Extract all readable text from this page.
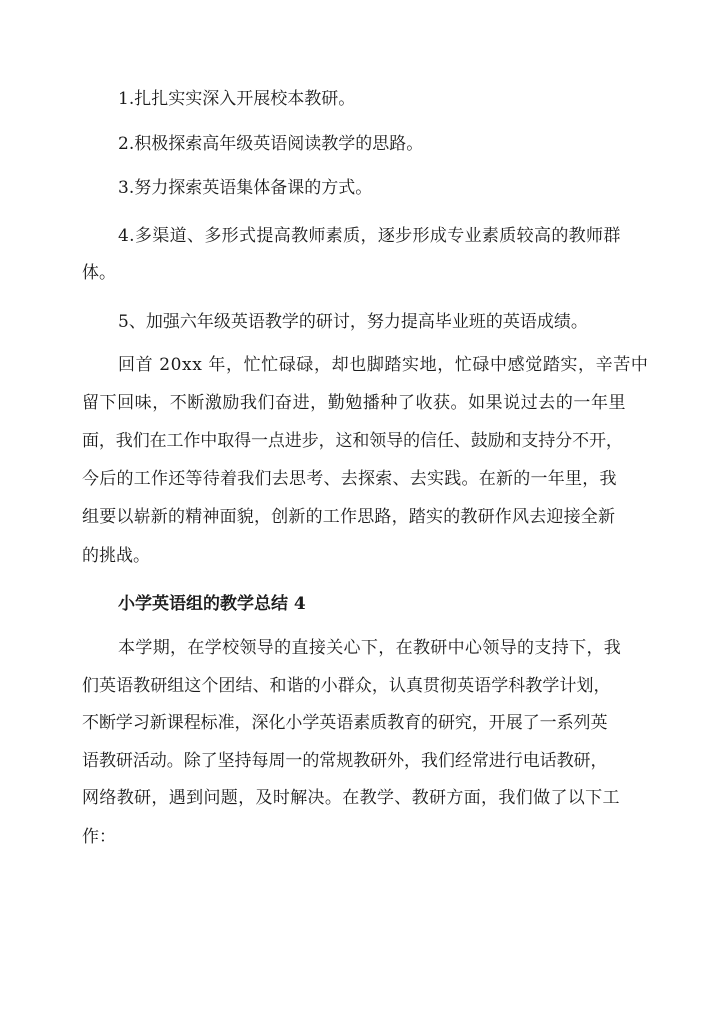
1.扎扎实实深入开展校本教研。
2.积极探索高年级英语阅读教学的思路。
3.努力探索英语集体备课的方式。
4.多渠道、多形式提高教师素质，逐步形成专业素质较高的教师群
体。
5、加强六年级英语教学的研讨，努力提高毕业班的英语成绩。
回首 20xx 年，忙忙碌碌，却也脚踏实地，忙碌中感觉踏实，辛苦中
留下回味，不断激励我们奋进，勤勉播种了收获。如果说过去的一年里
面，我们在工作中取得一点进步，这和领导的信任、鼓励和支持分不开，
今后的工作还等待着我们去思考、去探索、去实践。在新的一年里，我
组要以崭新的精神面貌，创新的工作思路，踏实的教研作风去迎接全新
的挑战。
小学英语组的教学总结 4
本学期，在学校领导的直接关心下，在教研中心领导的支持下，我
们英语教研组这个团结、和谐的小群众，认真贯彻英语学科教学计划，
不断学习新课程标准，深化小学英语素质教育的研究，开展了一系列英
语教研活动。除了坚持每周一的常规教研外，我们经常进行电话教研，
网络教研，遇到问题，及时解决。在教学、教研方面，我们做了以下工
作：
